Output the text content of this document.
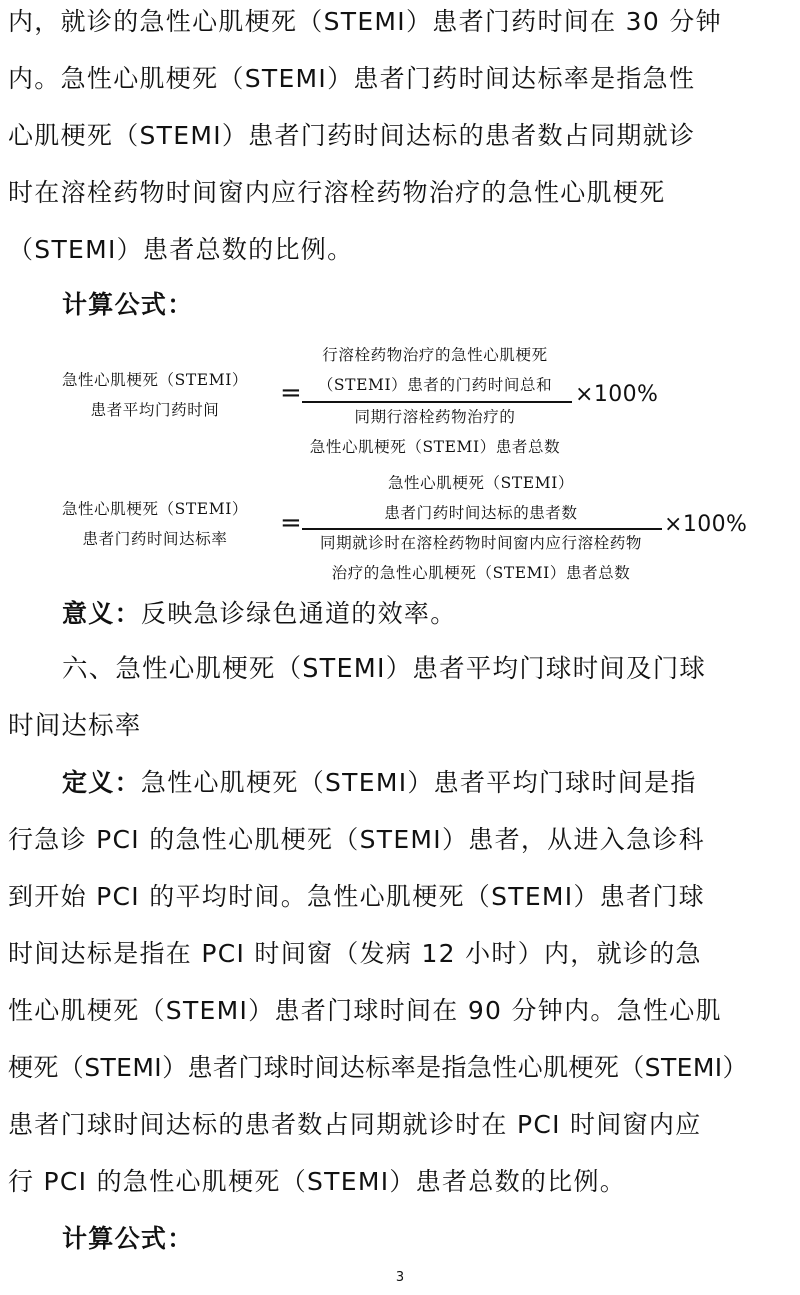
内，就诊的急性心肌梗死（STEMI）患者门药时间在 30 分钟
内。急性心肌梗死（STEMI）患者门药时间达标率是指急性
心肌梗死（STEMI）患者门药时间达标的患者数占同期就诊
时在溶栓药物时间窗内应行溶栓药物治疗的急性心肌梗死
（STEMI）患者总数的比例。
计算公式：
急性心肌梗死（STEMI）
患者平均门药时间
=
行溶栓药物治疗的急性心肌梗死
（STEMI）患者的门药时间总和
同期行溶栓药物治疗的
急性心肌梗死（STEMI）患者总数
×100%
急性心肌梗死（STEMI）
患者门药时间达标率
=
急性心肌梗死（STEMI）
患者门药时间达标的患者数
同期就诊时在溶栓药物时间窗内应行溶栓药物
治疗的急性心肌梗死（STEMI）患者总数
×100%
意义：反映急诊绿色通道的效率。
六、急性心肌梗死（STEMI）患者平均门球时间及门球
时间达标率
定义：急性心肌梗死（STEMI）患者平均门球时间是指
行急诊 PCI 的急性心肌梗死（STEMI）患者，从进入急诊科
到开始 PCI 的平均时间。急性心肌梗死（STEMI）患者门球
时间达标是指在 PCI 时间窗（发病 12 小时）内，就诊的急
性心肌梗死（STEMI）患者门球时间在 90 分钟内。急性心肌
梗死（STEMI）患者门球时间达标率是指急性心肌梗死（STEMI）
患者门球时间达标的患者数占同期就诊时在 PCI 时间窗内应
行 PCI 的急性心肌梗死（STEMI）患者总数的比例。
计算公式：
3
